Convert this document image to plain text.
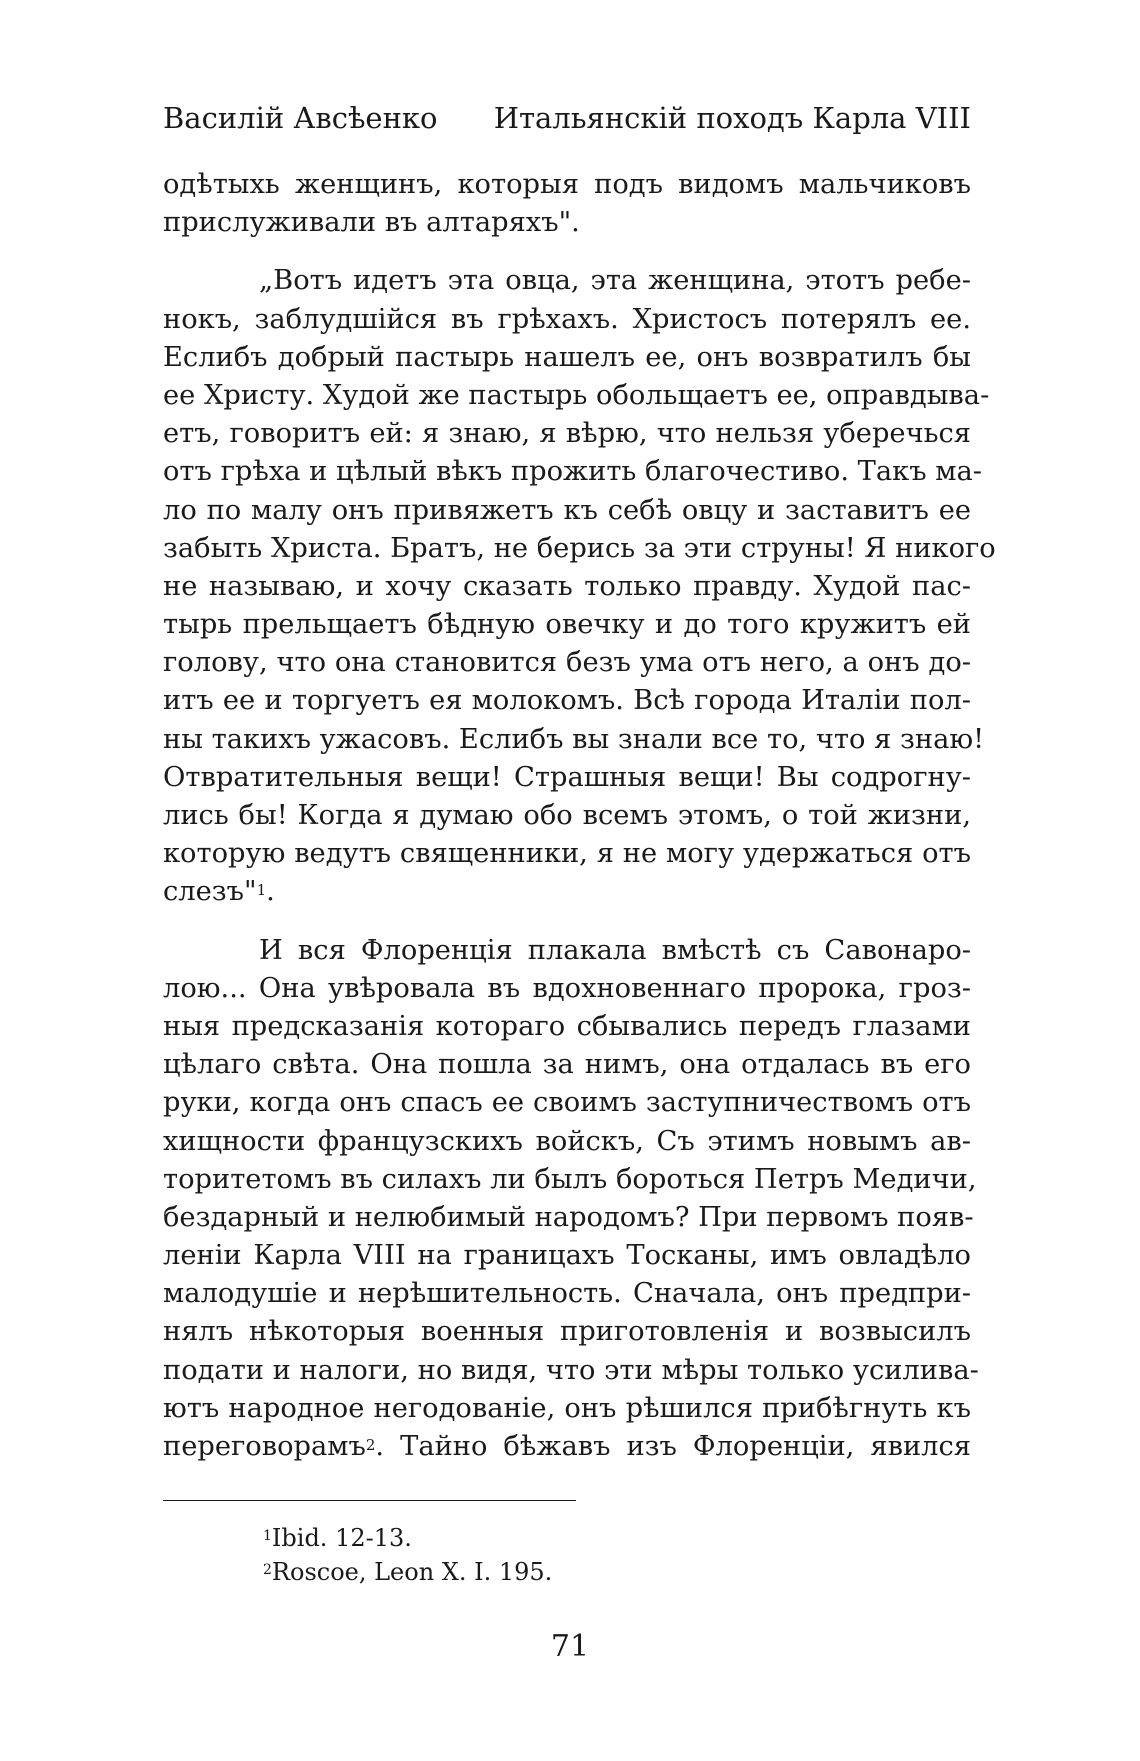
Василій Авсѣенко Итальянскій походъ Карла VIII
одѣтыхь женщинъ, которыя подъ видомъ мальчиковъ
прислуживали въ алтаряхъ".
„Вотъ идетъ эта овца, эта женщина, этотъ ребе-
нокъ, заблудшійся въ грѣхахъ. Христосъ потерялъ ее.
Еслибъ добрый пастырь нашелъ ее, онъ возвратилъ бы
ее Христу. Худой же пастырь обольщаетъ ее, оправдыва-
етъ, говоритъ ей: я знаю, я вѣрю, что нельзя уберечься
отъ грѣха и цѣлый вѣкъ прожить благочестиво. Такъ ма-
ло по малу онъ привяжетъ къ себѣ овцу и заставитъ ее
забыть Христа. Братъ, не берись за эти струны! Я никого
не называю, и хочу сказать только правду. Худой пас-
тырь прельщаетъ бѣдную овечку и до того кружитъ ей
голову, что она становится безъ ума отъ него, а онъ до-
итъ ее и торгуетъ ея молокомъ. Всѣ города Италіи пол-
ны такихъ ужасовъ. Еслибъ вы знали все то, что я знаю!
Отвратительныя вещи! Страшныя вещи! Вы содрогну-
лись бы! Когда я думаю обо всемъ этомъ, о той жизни,
которую ведутъ священники, я не могу удержаться отъ
слезъ"$^1$.
И вся Флоренція плакала вмѣстѣ съ Савонаро-
лою... Она увѣровала въ вдохновеннаго пророка, гроз-
ныя предсказанія котораго сбывались передъ глазами
цѣлаго свѣта. Она пошла за нимъ, она отдалась въ его
руки, когда онъ спасъ ее своимъ заступничествомъ отъ
хищности французскихъ войскъ, Съ этимъ новымъ ав-
торитетомъ въ силахъ ли былъ бороться Петръ Медичи,
бездарный и нелюбимый народомъ? При первомъ появ-
леніи Карла VIII на границахъ Тосканы, имъ овладѣло
малодушіе и нерѣшительность. Сначала, онъ предпри-
нялъ нѣкоторыя военныя приготовленія и возвысилъ
подати и налоги, но видя, что эти мѣры только усилива-
ютъ народное негодованіе, онъ рѣшился прибѣгнуть къ
переговорамъ$^2$. Тайно бѣжавъ изъ Флоренціи, явился
$^1$Ibid. 12-13.
$^2$Roscoe, Leon X. I. 195.
71
